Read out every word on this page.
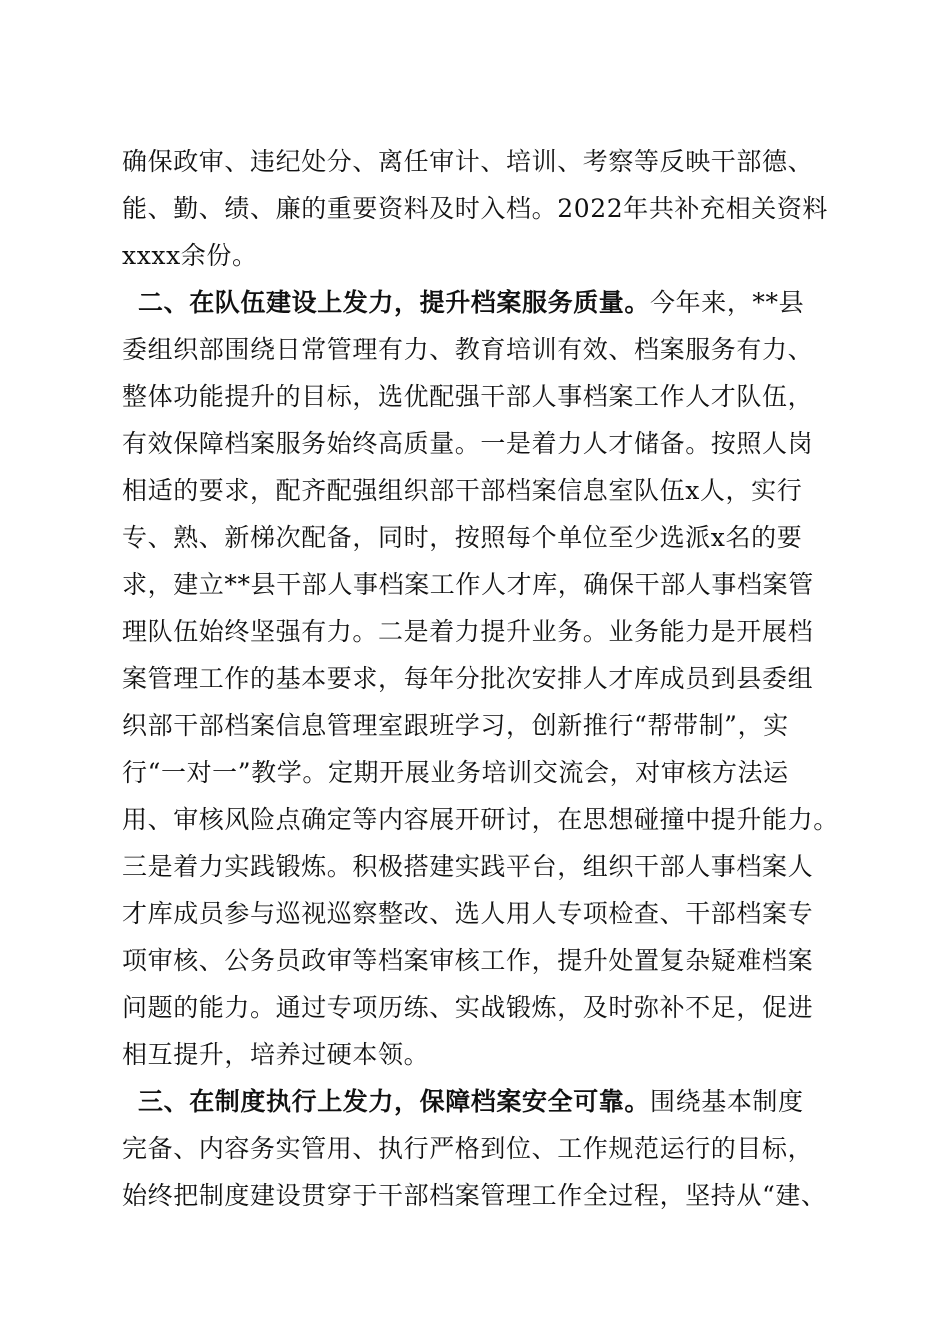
确保政审、违纪处分、离任审计、培训、考察等反映干部德、
能、勤、绩、廉的重要资料及时入档。2022年共补充相关资料
xxxx余份。
二、在队伍建设上发力，提升档案服务质量。今年来，**县
委组织部围绕日常管理有力、教育培训有效、档案服务有力、
整体功能提升的目标，选优配强干部人事档案工作人才队伍，
有效保障档案服务始终高质量。一是着力人才储备。按照人岗
相适的要求，配齐配强组织部干部档案信息室队伍x人，实行
专、熟、新梯次配备，同时，按照每个单位至少选派x名的要
求，建立**县干部人事档案工作人才库，确保干部人事档案管
理队伍始终坚强有力。二是着力提升业务。业务能力是开展档
案管理工作的基本要求，每年分批次安排人才库成员到县委组
织部干部档案信息管理室跟班学习，创新推行“帮带制”，实
行“一对一”教学。定期开展业务培训交流会，对审核方法运
用、审核风险点确定等内容展开研讨，在思想碰撞中提升能力。
三是着力实践锻炼。积极搭建实践平台，组织干部人事档案人
才库成员参与巡视巡察整改、选人用人专项检查、干部档案专
项审核、公务员政审等档案审核工作，提升处置复杂疑难档案
问题的能力。通过专项历练、实战锻炼，及时弥补不足，促进
相互提升，培养过硬本领。
三、在制度执行上发力，保障档案安全可靠。围绕基本制度
完备、内容务实管用、执行严格到位、工作规范运行的目标，
始终把制度建设贯穿于干部档案管理工作全过程，坚持从“建、
